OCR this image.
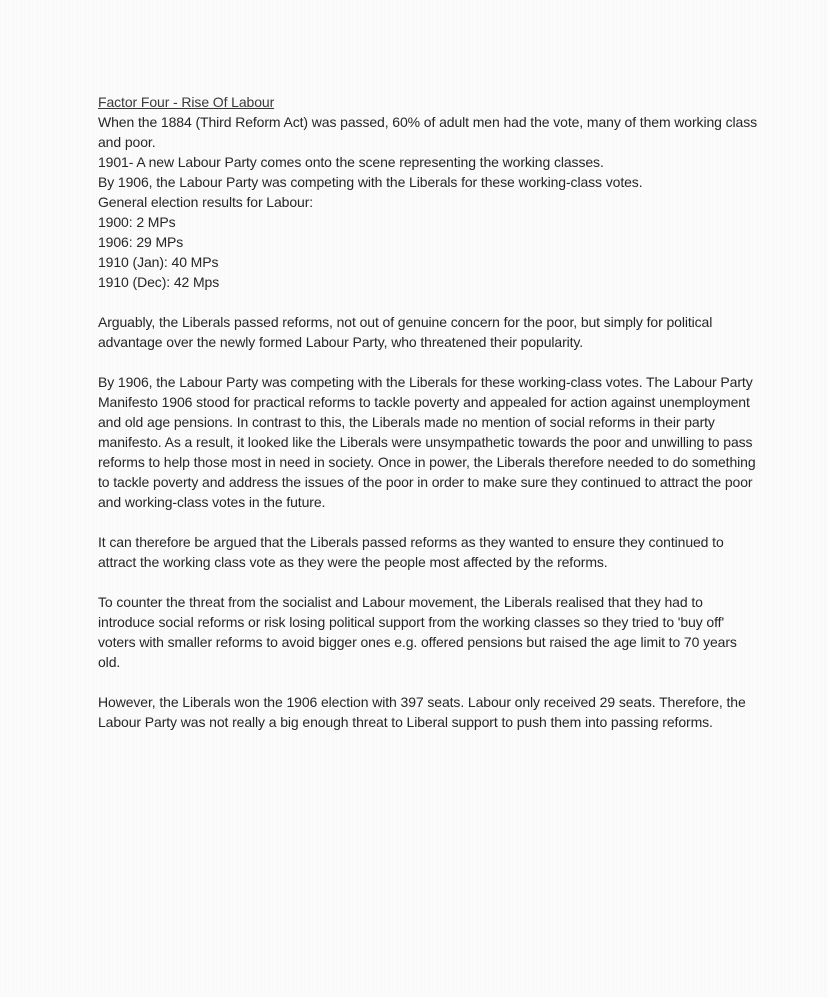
Factor Four - Rise Of Labour

When the 1884 (Third Reform Act) was passed, 60% of adult men had the vote, many of them working class and poor.

1901- A new Labour Party comes onto the scene representing the working classes.

By 1906, the Labour Party was competing with the Liberals for these working-class votes.

General election results for Labour:

1900: 2 MPs
1906: 29 MPs
1910 (Jan): 40 MPs
1910 (Dec): 42 Mps

Arguably, the Liberals passed reforms, not out of genuine concern for the poor, but simply for political advantage over the newly formed Labour Party, who threatened their popularity.

By 1906, the Labour Party was competing with the Liberals for these working-class votes. The Labour Party Manifesto 1906 stood for practical reforms to tackle poverty and appealed for action against unemployment and old age pensions. In contrast to this, the Liberals made no mention of social reforms in their party manifesto. As a result, it looked like the Liberals were unsympathetic towards the poor and unwilling to pass reforms to help those most in need in society. Once in power, the Liberals therefore needed to do something to tackle poverty and address the issues of the poor in order to make sure they continued to attract the poor and working-class votes in the future.

It can therefore be argued that the Liberals passed reforms as they wanted to ensure they continued to attract the working class vote as they were the people most affected by the reforms.

To counter the threat from the socialist and Labour movement, the Liberals realised that they had to introduce social reforms or risk losing political support from the working classes so they tried to 'buy off' voters with smaller reforms to avoid bigger ones e.g. offered pensions but raised the age limit to 70 years old.

However, the Liberals won the 1906 election with 397 seats. Labour only received 29 seats. Therefore, the Labour Party was not really a big enough threat to Liberal support to push them into passing reforms.
